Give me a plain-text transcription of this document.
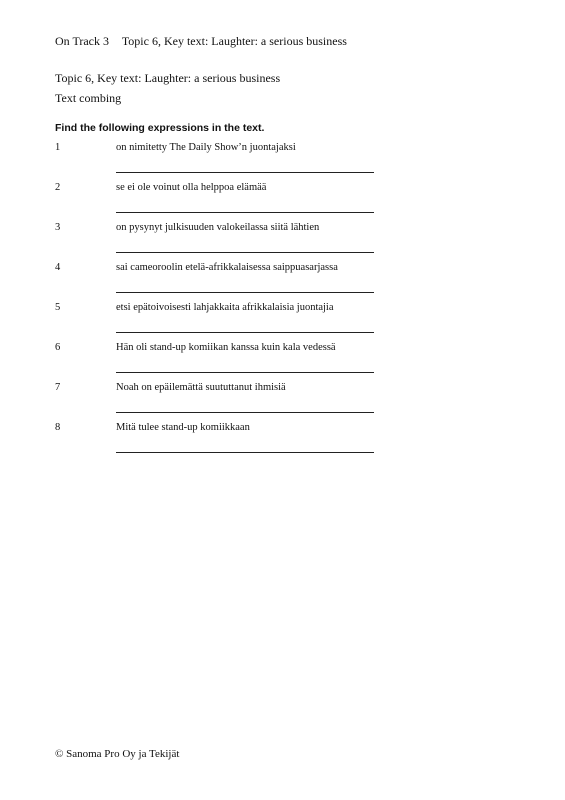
On Track 3 Topic 6, Key text: Laughter: a serious business
Topic 6, Key text: Laughter: a serious business
Text combing
Find the following expressions in the text.
1	on nimitetty The Daily Show’n juontajaksi
2	se ei ole voinut olla helppoa elämää
3	on pysynyt julkisuuden valokeilassa siitä lähtien
4	sai cameoroolin etelä-afrikkalaisessa saippuasarjassa
5	etsi epätoivoisesti lahjakkaita afrikkalaisia juontajia
6	Hän oli stand-up komiikan kanssa kuin kala vedessä
7	Noah on epäilemättä suututtanut ihmisiä
8	Mitä tulee stand-up komiikkaan
© Sanoma Pro Oy ja Tekijät
